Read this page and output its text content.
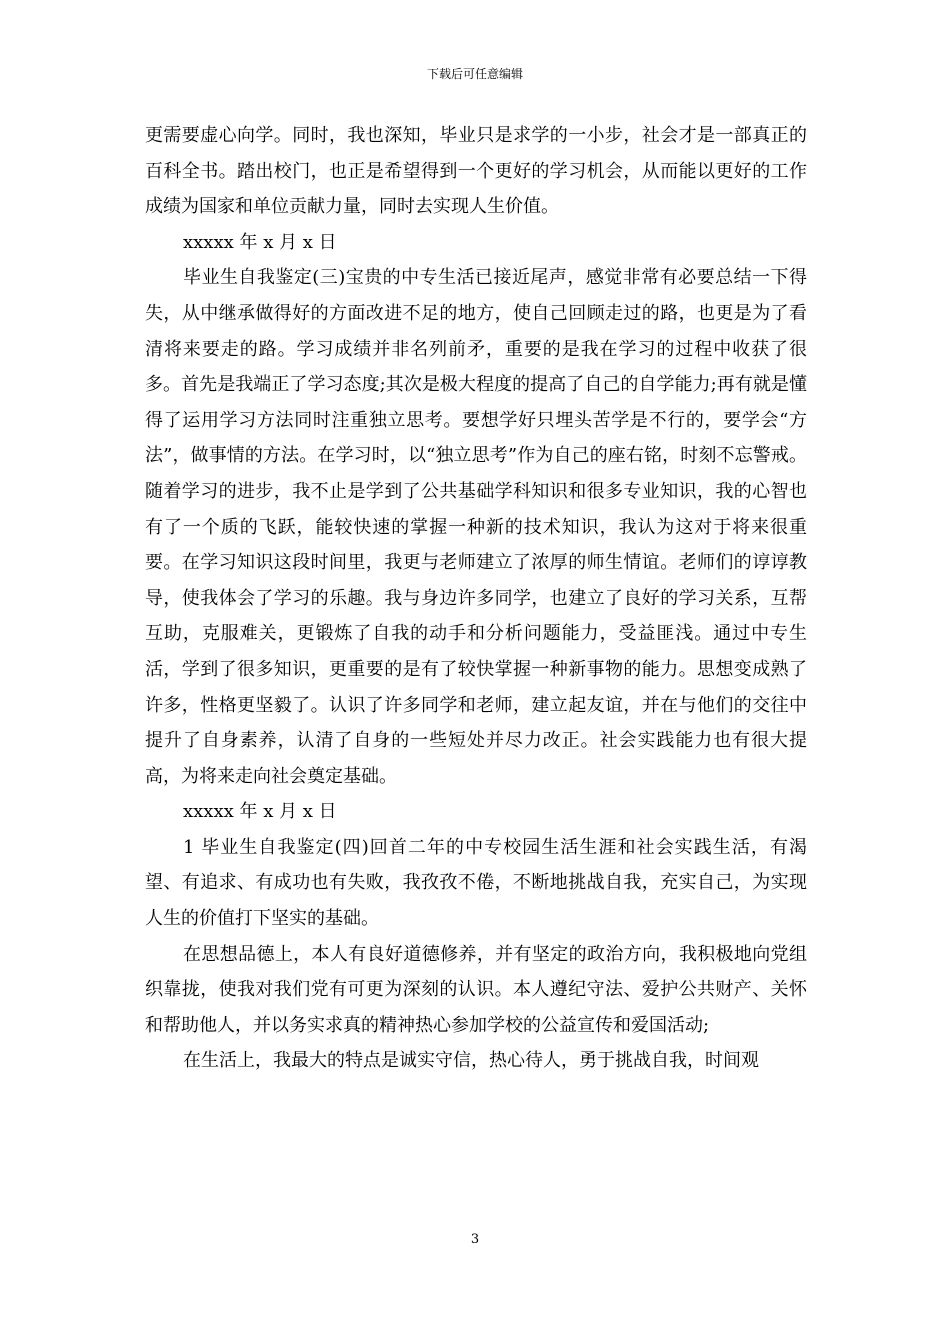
下载后可任意编辑

更需要虚心向学。同时，我也深知，毕业只是求学的一小步，社会才是一部真正的百科全书。踏出校门，也正是希望得到一个更好的学习机会，从而能以更好的工作成绩为国家和单位贡献力量，同时去实现人生价值。

xxxxx 年 x 月 x 日

毕业生自我鉴定(三)宝贵的中专生活已接近尾声，感觉非常有必要总结一下得失，从中继承做得好的方面改进不足的地方，使自己回顾走过的路，也更是为了看清将来要走的路。学习成绩并非名列前矛，重要的是我在学习的过程中收获了很多。首先是我端正了学习态度;其次是极大程度的提高了自己的自学能力;再有就是懂得了运用学习方法同时注重独立思考。要想学好只埋头苦学是不行的，要学会“方法”，做事情的方法。在学习时，以“独立思考”作为自己的座右铭，时刻不忘警戒。随着学习的进步，我不止是学到了公共基础学科知识和很多专业知识，我的心智也有了一个质的飞跃，能较快速的掌握一种新的技术知识，我认为这对于将来很重要。在学习知识这段时间里，我更与老师建立了浓厚的师生情谊。老师们的谆谆教导，使我体会了学习的乐趣。我与身边许多同学，也建立了良好的学习关系，互帮互助，克服难关，更锻炼了自我的动手和分析问题能力，受益匪浅。通过中专生活，学到了很多知识，更重要的是有了较快掌握一种新事物的能力。思想变成熟了许多，性格更坚毅了。认识了许多同学和老师，建立起友谊，并在与他们的交往中提升了自身素养，认清了自身的一些短处并尽力改正。社会实践能力也有很大提高，为将来走向社会奠定基础。

xxxxx 年 x 月 x 日

1 毕业生自我鉴定(四)回首二年的中专校园生活生涯和社会实践生活，有渴望、有追求、有成功也有失败，我孜孜不倦，不断地挑战自我，充实自己，为实现人生的价值打下坚实的基础。

在思想品德上，本人有良好道德修养，并有坚定的政治方向，我积极地向党组织靠拢，使我对我们党有可更为深刻的认识。本人遵纪守法、爱护公共财产、关怀和帮助他人，并以务实求真的精神热心参加学校的公益宣传和爱国活动;

在生活上，我最大的特点是诚实守信，热心待人，勇于挑战自我，时间观

3
